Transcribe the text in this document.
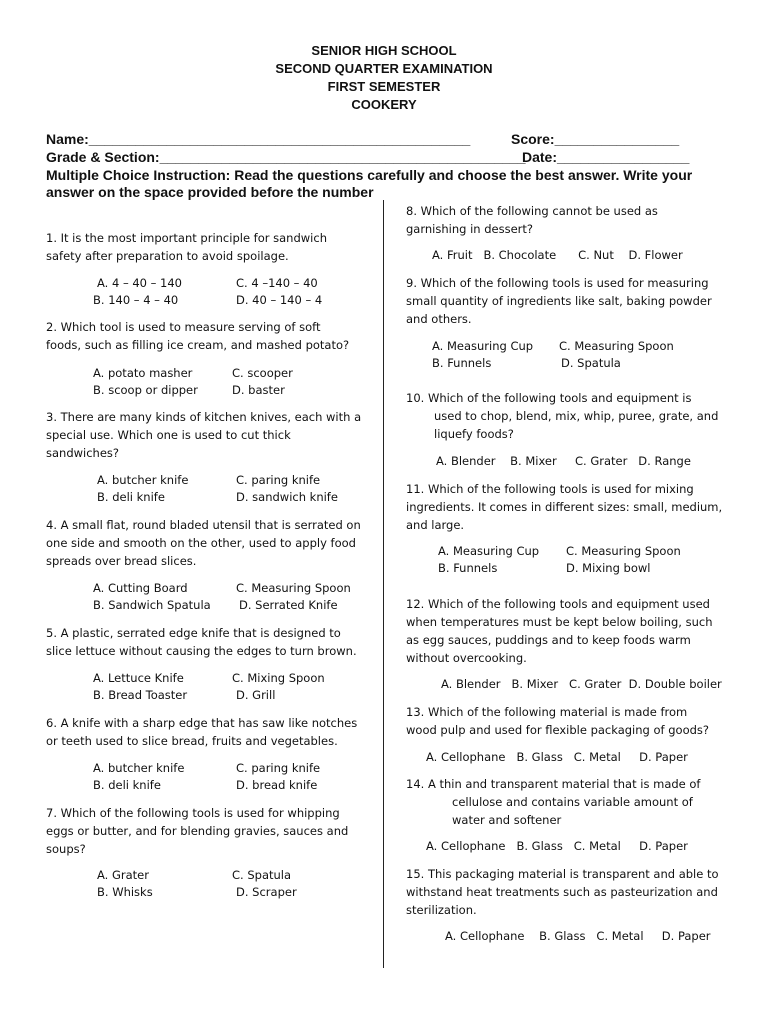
SENIOR HIGH SCHOOL
SECOND QUARTER EXAMINATION
FIRST SEMESTER
COOKERY
Name:_________________________________________________	Score:________________
Grade & Section:_______________________________________________
Date:_________________
Multiple Choice Instruction: Read the questions carefully and choose the best answer. Write your answer on the space provided before the number
1. It is the most important principle for sandwich
safety after preparation to avoid spoilage.
A. 4 – 40 – 140
B. 140 – 4 – 40
C. 4 –140 – 40
D. 40 – 140 – 4
2. Which tool is used to measure serving of soft
foods, such as filling ice cream, and mashed potato?
A. potato masher
B. scoop or dipper
C. scooper
D. baster
3. There are many kinds of kitchen knives, each with a
special use. Which one is used to cut thick
sandwiches?
A. butcher knife
B. deli knife
C. paring knife
D. sandwich knife
4. A small flat, round bladed utensil that is serrated on
one side and smooth on the other, used to apply food
spreads over bread slices.
A. Cutting Board
B. Sandwich Spatula
C. Measuring Spoon
D. Serrated Knife
5. A plastic, serrated edge knife that is designed to
slice lettuce without causing the edges to turn brown.
A. Lettuce Knife
B. Bread Toaster
C. Mixing Spoon
D. Grill
6. A knife with a sharp edge that has saw like notches
or teeth used to slice bread, fruits and vegetables.
A. butcher knife
B. deli knife
C. paring knife
D. bread knife
7. Which of the following tools is used for whipping
eggs or butter, and for blending gravies, sauces and
soups?
A. Grater
B. Whisks
C. Spatula
D. Scraper
8. Which of the following cannot be used as
garnishing in dessert?
A. Fruit   B. Chocolate      C. Nut    D. Flower
9. Which of the following tools is used for measuring
small quantity of ingredients like salt, baking powder
and others.
A. Measuring Cup
B. Funnels
C. Measuring Spoon
D. Spatula
10. Which of the following tools and equipment is
used to chop, blend, mix, whip, puree, grate, and
liquefy foods?
A. Blender    B. Mixer     C. Grater   D. Range
11. Which of the following tools is used for mixing
ingredients. It comes in different sizes: small, medium,
and large.
A. Measuring Cup
B. Funnels
C. Measuring Spoon
D. Mixing bowl
12. Which of the following tools and equipment used
when temperatures must be kept below boiling, such
as egg sauces, puddings and to keep foods warm
without overcooking.
A. Blender   B. Mixer   C. Grater  D. Double boiler
13. Which of the following material is made from
wood pulp and used for flexible packaging of goods?
A. Cellophane   B. Glass   C. Metal     D. Paper
14. A thin and transparent material that is made of
cellulose and contains variable amount of
water and softener
A. Cellophane   B. Glass   C. Metal     D. Paper
15. This packaging material is transparent and able to
withstand heat treatments such as pasteurization and
sterilization.
A. Cellophane    B. Glass   C. Metal     D. Paper
